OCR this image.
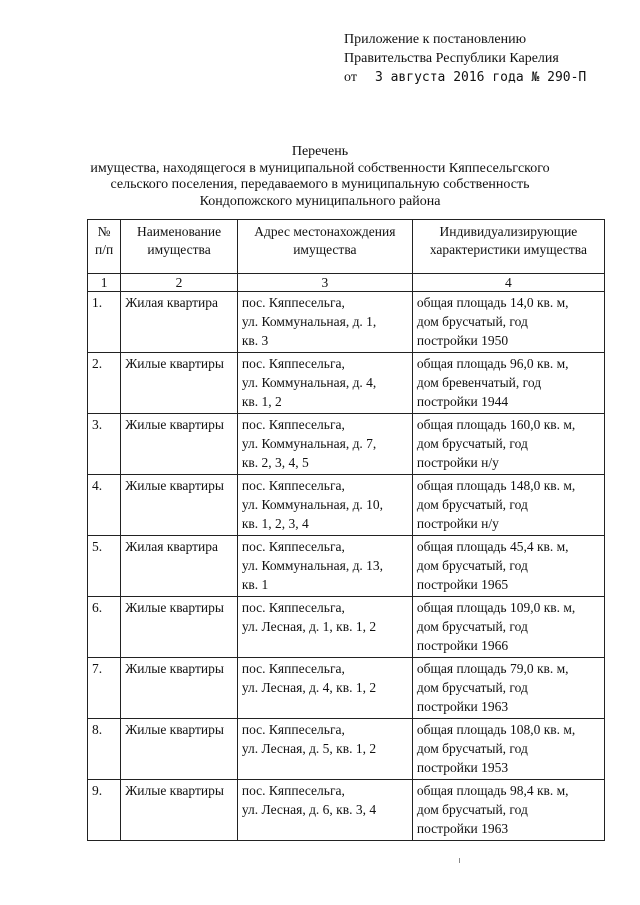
Приложение к постановлению
Правительства Республики Карелия
от 3 августа 2016 года № 290-П
Перечень
имущества, находящегося в муниципальной собственности Кяппесельгского
сельского поселения, передаваемого в муниципальную собственность
Кондопожского муниципального района
№ п/п	Наименование имущества	Адрес местонахождения имущества	Индивидуализирующие характеристики имущества
1	2	3	4
1.	Жилая квартира	пос. Кяппесельга,
ул. Коммунальная, д. 1,
кв. 3	общая площадь 14,0 кв. м,
дом брусчатый, год
постройки 1950

2.	Жилые квартиры	пос. Кяппесельга,
ул. Коммунальная, д. 4,
кв. 1, 2	общая площадь 96,0 кв. м,
дом бревенчатый, год
постройки 1944

3.	Жилые квартиры	пос. Кяппесельга,
ул. Коммунальная, д. 7,
кв. 2, 3, 4, 5	общая площадь 160,0 кв. м,
дом брусчатый, год
постройки н/у

4.	Жилые квартиры	пос. Кяппесельга,
ул. Коммунальная, д. 10,
кв. 1, 2, 3, 4	общая площадь 148,0 кв. м,
дом брусчатый, год
постройки н/у

5.	Жилая квартира	пос. Кяппесельга,
ул. Коммунальная, д. 13,
кв. 1	общая площадь 45,4 кв. м,
дом брусчатый, год
постройки 1965

6.	Жилые квартиры	пос. Кяппесельга,
ул. Лесная, д. 1, кв. 1, 2	общая площадь 109,0 кв. м,
дом брусчатый, год
постройки 1966

7.	Жилые квартиры	пос. Кяппесельга,
ул. Лесная, д. 4, кв. 1, 2	общая площадь 79,0 кв. м,
дом брусчатый, год
постройки 1963

8.	Жилые квартиры	пос. Кяппесельга,
ул. Лесная, д. 5, кв. 1, 2	общая площадь 108,0 кв. м,
дом брусчатый, год
постройки 1953

9.	Жилые квартиры	пос. Кяппесельга,
ул. Лесная, д. 6, кв. 3, 4	общая площадь 98,4 кв. м,
дом брусчатый, год
постройки 1963
